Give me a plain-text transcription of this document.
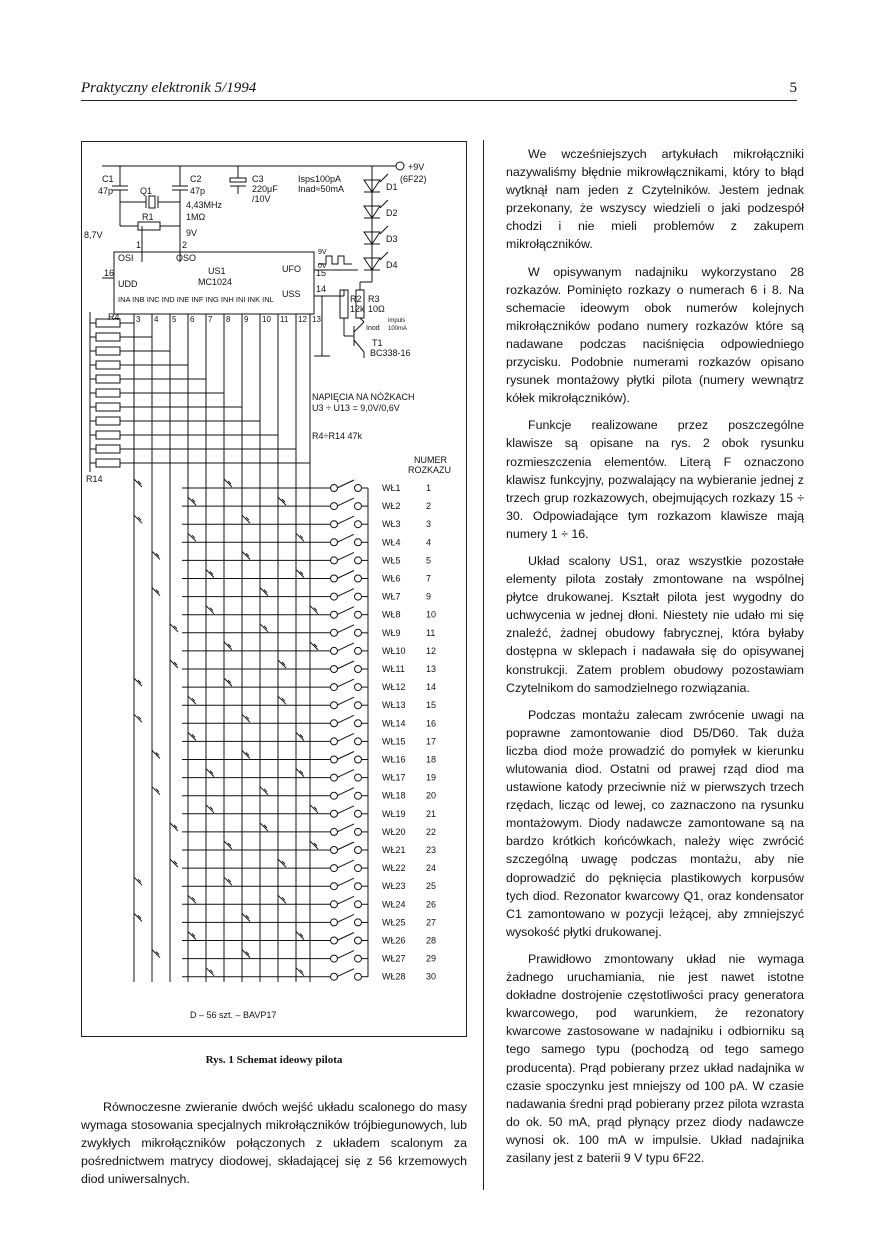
Praktyczny elektronik 5/1994	5
C1
47p
C2
47p
C3
220μF
/10V
Q1
4,43MHz
R1	1MΩ
8,7V	9V
Isp≤100pA
Inad≈50mA
+9V
(6F22)
D1
D2
D3
D4
1	2
OSI	OSO
US1
MC1024
UFO 15
16
UDD
USS 14
9V
0V
R2
12k
R3
10Ω
Inod
impuls
100mA
T1
BC338-16
INA INB INC IND INE INF ING INH INI INK INL
R4
R14
NAPIĘCIA NA NÓŻKACH
U3 ÷ U13 = 9,0V/0,6V
R4÷R14 47k
NUMER
ROZKAZU
D – 56 szt. – BAVP17
3 4 5 6 7 8 9 10 11 12 13
WŁ1	1
WŁ2	2
WŁ3	3
WŁ4	4
WŁ5	5
WŁ6	7
WŁ7	9
WŁ8	10
WŁ9	11
WŁ10 12
WŁ11 13
WŁ12 14
WŁ13 15
WŁ14 16
WŁ15 17
WŁ16 18
WŁ17 19
WŁ18 20
WŁ19 21
WŁ20 22
WŁ21 23
WŁ22 24
WŁ23 25
WŁ24 26
WŁ25 27
WŁ26 28
WŁ27 29
WŁ28 30
Rys. 1 Schemat ideowy pilota

Równoczesne zwieranie dwóch wejść układu scalonego do masy wymaga stosowania specjalnych mikrołączników trójbiegunowych, lub zwykłych mikrołączników połączonych z układem scalonym za pośrednictwem matrycy diodowej, składającej się z 56 krzemowych diod uniwersalnych.

We wcześniejszych artykułach mikrołączniki nazywaliśmy błędnie mikrowłącznikami, który to błąd wytknął nam jeden z Czytelników. Jestem jednak przekonany, że wszyscy wiedzieli o jaki podzespół chodzi i nie mieli problemów z zakupem mikrołączników.

W opisywanym nadajniku wykorzystano 28 rozkazów. Pominięto rozkazy o numerach 6 i 8. Na schemacie ideowym obok numerów kolejnych mikrołączników podano numery rozkazów które są nadawane podczas naciśnięcia odpowiedniego przycisku. Podobnie numerami rozkazów opisano rysunek montażowy płytki pilota (numery wewnątrz kółek mikrołączników).

Funkcje realizowane przez poszczególne klawisze są opisane na rys. 2 obok rysunku rozmieszczenia elementów. Literą F oznaczono klawisz funkcyjny, pozwalający na wybieranie jednej z trzech grup rozkazowych, obejmujących rozkazy 15 ÷ 30. Odpowiadające tym rozkazom klawisze mają numery 1 ÷ 16.

Układ scalony US1, oraz wszystkie pozostałe elementy pilota zostały zmontowane na wspólnej płytce drukowanej. Kształt pilota jest wygodny do uchwycenia w jednej dłoni. Niestety nie udało mi się znaleźć, żadnej obudowy fabrycznej, która byłaby dostępna w sklepach i nadawała się do opisywanej konstrukcji. Zatem problem obudowy pozostawiam Czytelnikom do samodzielnego rozwiązania.

Podczas montażu zalecam zwrócenie uwagi na poprawne zamontowanie diod D5/D60. Tak duża liczba diod może prowadzić do pomyłek w kierunku wlutowania diod. Ostatni od prawej rząd diod ma ustawione katody przeciwnie niż w pierwszych trzech rzędach, licząc od lewej, co zaznaczono na rysunku montażowym. Diody nadawcze zamontowane są na bardzo krótkich końcówkach, należy więc zwrócić szczególną uwagę podczas montażu, aby nie doprowadzić do pęknięcia plastikowych korpusów tych diod. Rezonator kwarcowy Q1, oraz kondensator C1 zamontowano w pozycji leżącej, aby zmniejszyć wysokość płytki drukowanej.

Prawidłowo zmontowany układ nie wymaga żadnego uruchamiania, nie jest nawet istotne dokładne dostrojenie częstotliwości pracy generatora kwarcowego, pod warunkiem, że rezonatory kwarcowe zastosowane w nadajniku i odbiorniku są tego samego typu (pochodzą od tego samego producenta). Prąd pobierany przez układ nadajnika w czasie spoczynku jest mniejszy od 100 pA. W czasie nadawania średni prąd pobierany przez pilota wzrasta do ok. 50 mA, prąd płynący przez diody nadawcze wynosi ok. 100 mA w impulsie. Układ nadajnika zasilany jest z baterii 9 V typu 6F22.
